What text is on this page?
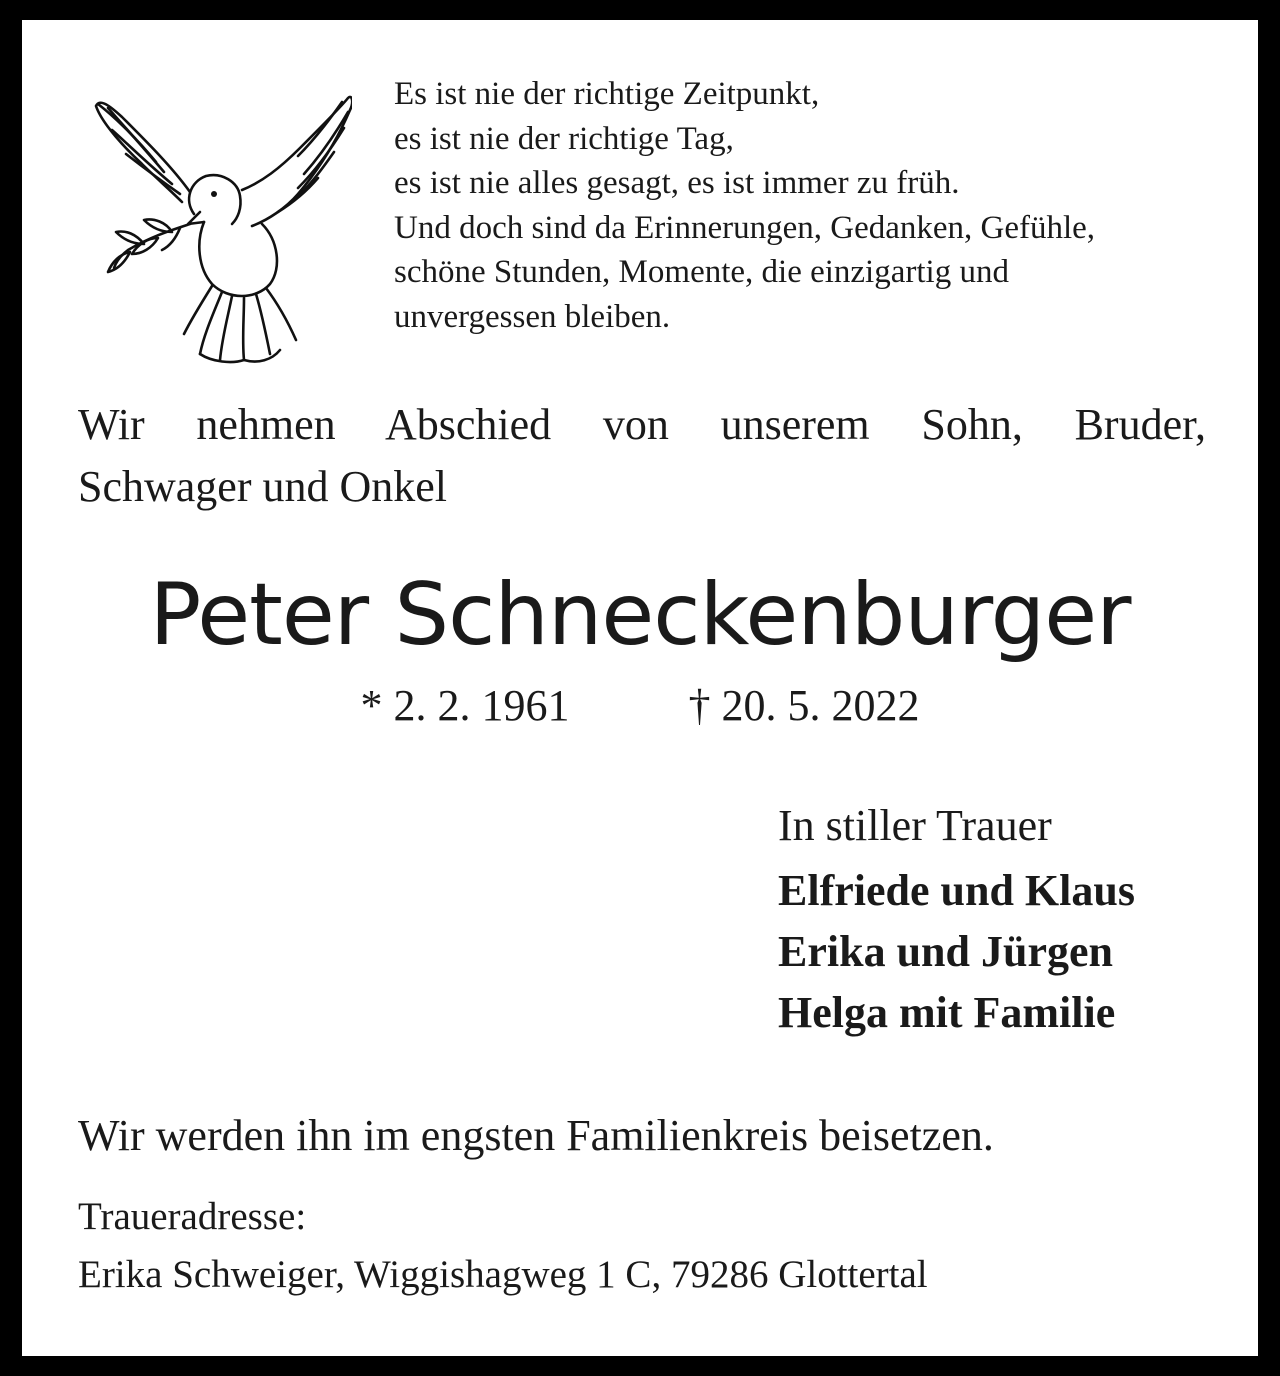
Es ist nie der richtige Zeitpunkt,
es ist nie der richtige Tag,
es ist nie alles gesagt, es ist immer zu früh.
Und doch sind da Erinnerungen, Gedanken, Gefühle,
schöne Stunden, Momente, die einzigartig und
unvergessen bleiben.
Wir nehmen Abschied von unserem Sohn, Bruder,
Schwager und Onkel
Peter Schneckenburger
* 2. 2. 1961	† 20. 5. 2022
In stiller Trauer
Elfriede und Klaus
Erika und Jürgen
Helga mit Familie

Wir werden ihn im engsten Familienkreis beisetzen.

Traueradresse:
Erika Schweiger, Wiggishagweg 1 C, 79286 Glottertal
